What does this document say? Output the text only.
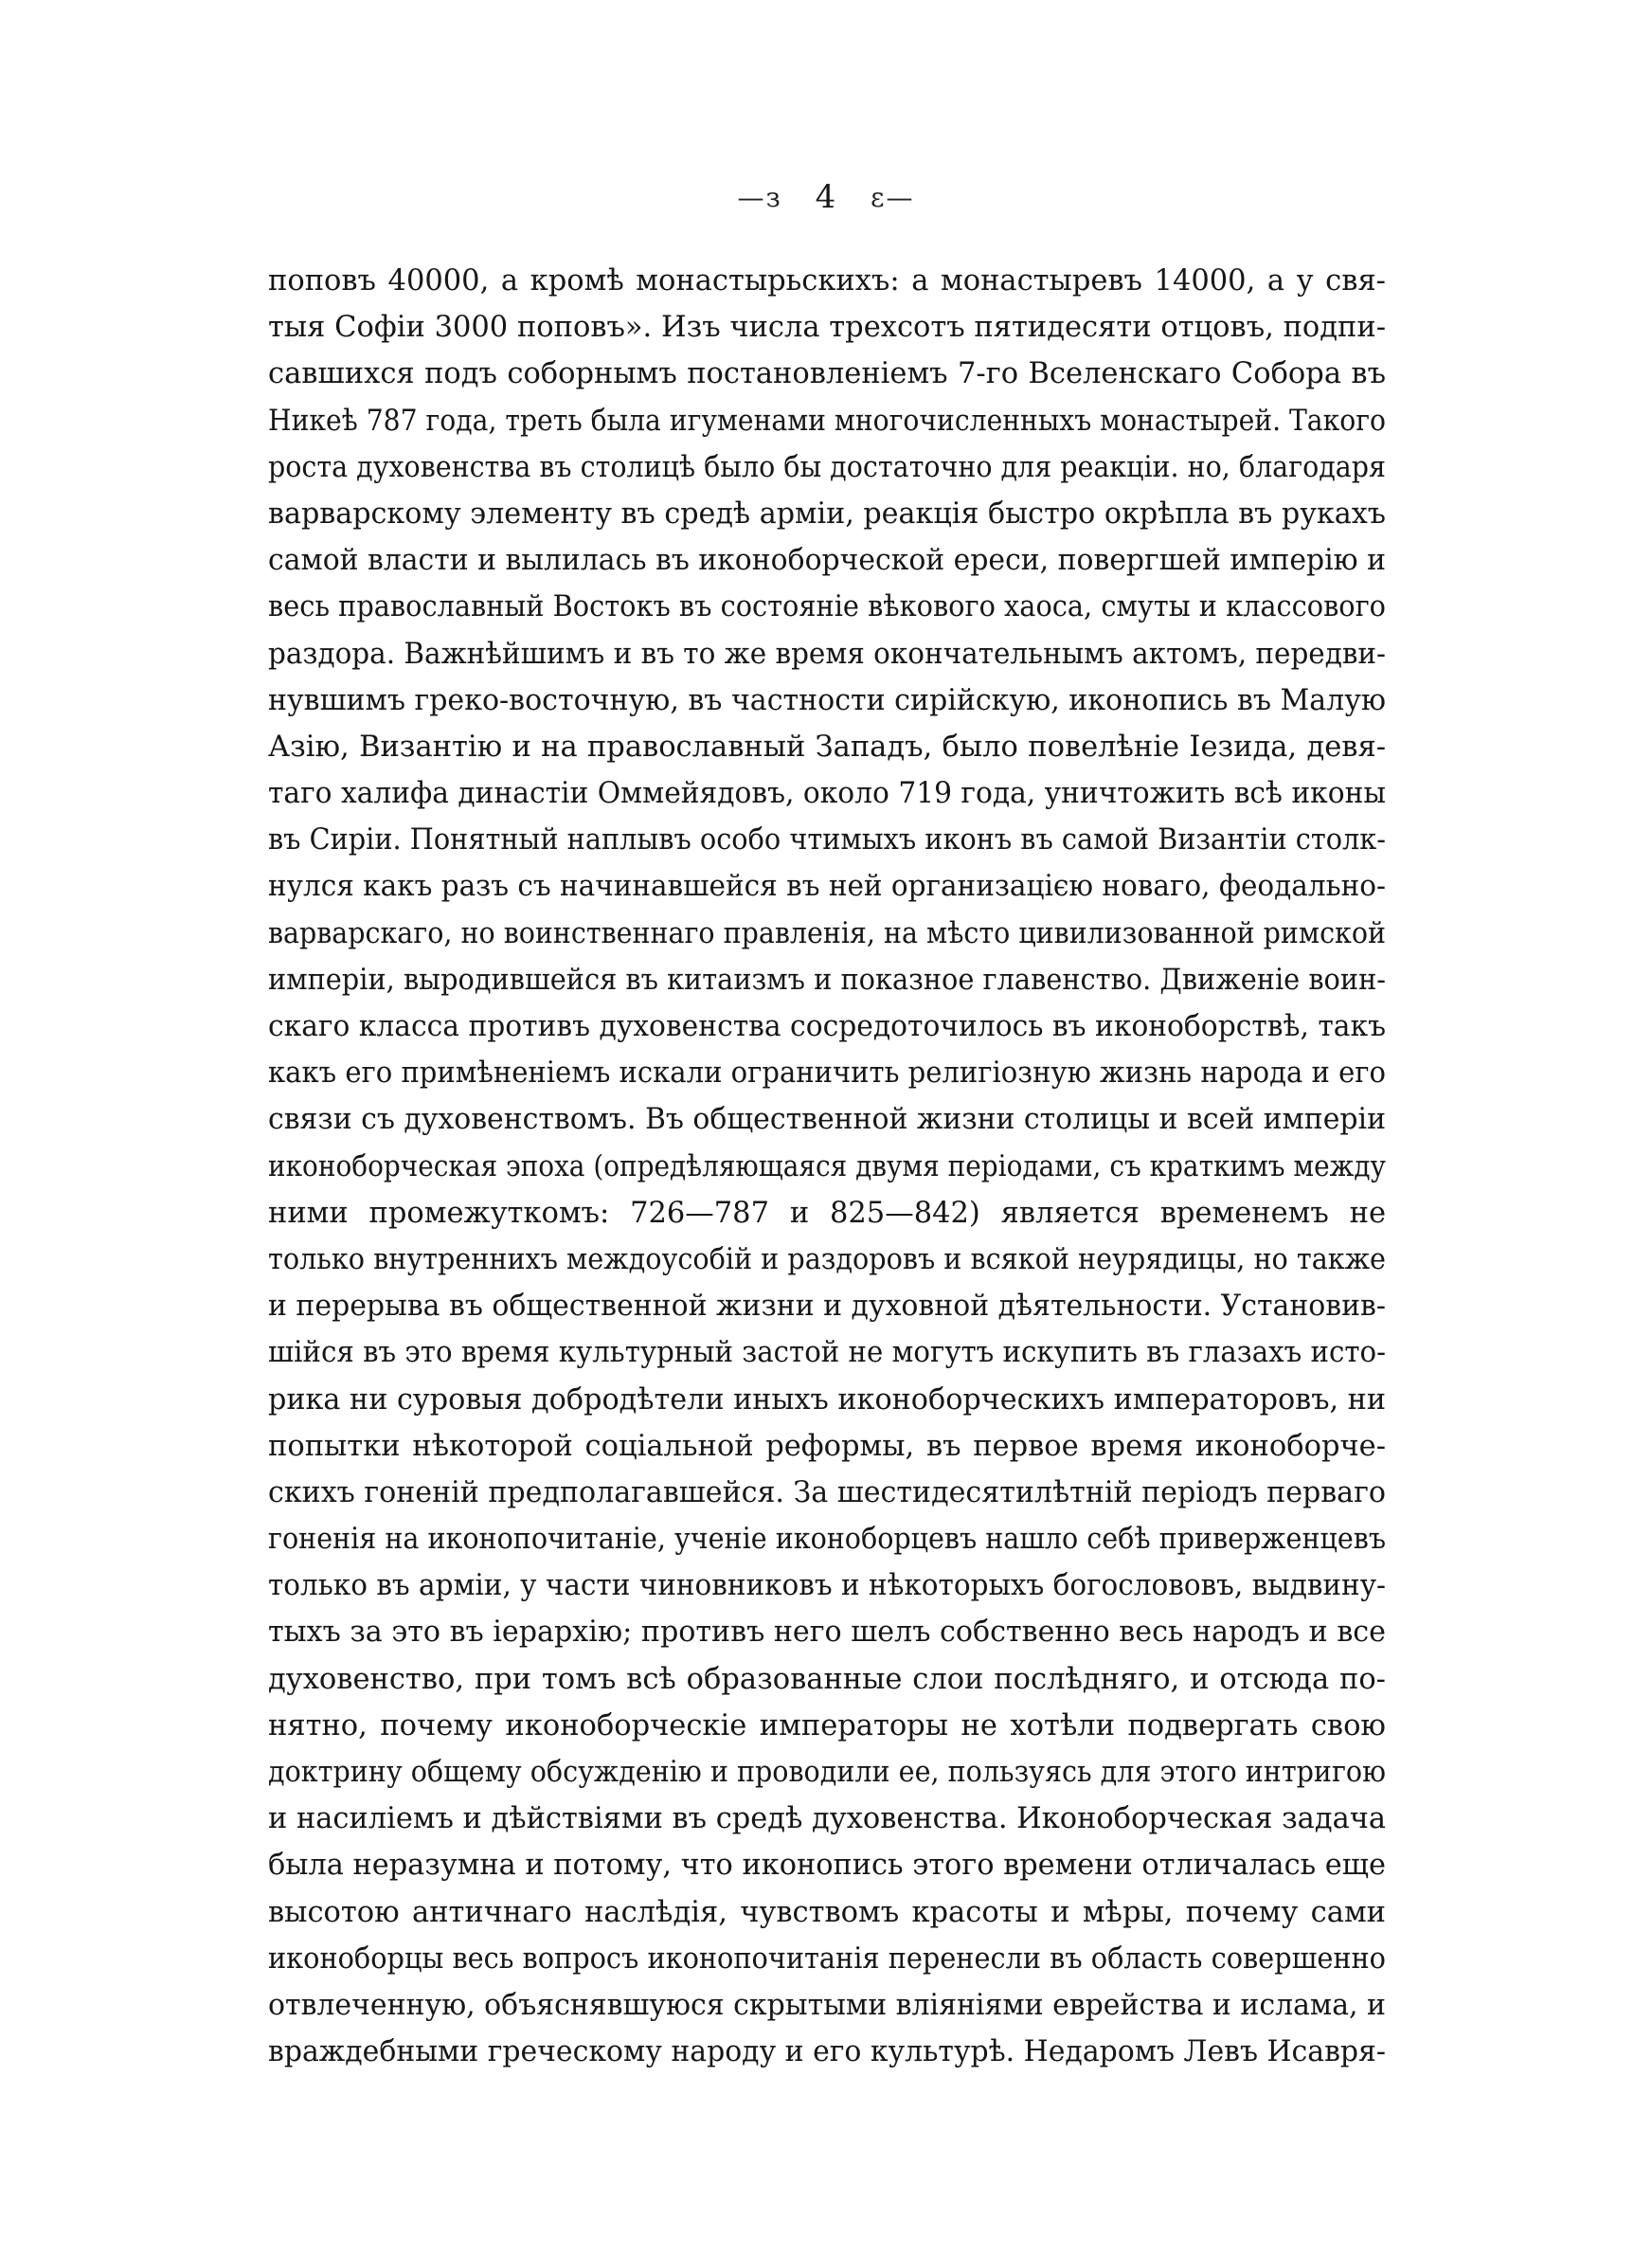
—з 4 ε—
поповъ 40000, а кромѣ монастырьскихъ: а монастыревъ 14000, а у свя-
тыя Софіи 3000 поповъ». Изъ числа трехсотъ пятидесяти отцовъ, подпи-
савшихся подъ соборнымъ постановленіемъ 7-го Вселенскаго Собора въ
Никеѣ 787 года, треть была игуменами многочисленныхъ монастырей. Такого
роста духовенства въ столицѣ было бы достаточно для реакціи. но, благодаря
варварскому элементу въ средѣ арміи, реакція быстро окрѣпла въ рукахъ
самой власти и вылилась въ иконоборческой ереси, повергшей имперію и
весь православный Востокъ въ состояніе вѣкового хаоса, смуты и классового
раздора. Важнѣйшимъ и въ то же время окончательнымъ актомъ, передви-
нувшимъ греко-восточную, въ частности сирійскую, иконопись въ Малую
Азію, Византію и на православный Западъ, было повелѣніе Іезида, девя-
таго халифа династіи Оммейядовъ, около 719 года, уничтожить всѣ иконы
въ Сиріи. Понятный наплывъ особо чтимыхъ иконъ въ самой Византіи столк-
нулся какъ разъ съ начинавшейся въ ней организацією новаго, феодально-
варварскаго, но воинственнаго правленія, на мѣсто цивилизованной римской
имперіи, выродившейся въ китаизмъ и показное главенство. Движеніе воин-
скаго класса противъ духовенства сосредоточилось въ иконоборствѣ, такъ
какъ его примѣненіемъ искали ограничить религіозную жизнь народа и его
связи съ духовенствомъ. Въ общественной жизни столицы и всей имперіи
иконоборческая эпоха (опредѣляющаяся двумя періодами, съ краткимъ между
ними промежуткомъ: 726—787 и 825—842) является временемъ не
только внутреннихъ междоусобій и раздоровъ и всякой неурядицы, но также
и перерыва въ общественной жизни и духовной дѣятельности. Установив-
шійся въ это время культурный застой не могутъ искупить въ глазахъ исто-
рика ни суровыя добродѣтели иныхъ иконоборческихъ императоровъ, ни
попытки нѣкоторой соціальной реформы, въ первое время иконоборче-
скихъ гоненій предполагавшейся. За шестидесятилѣтній періодъ перваго
гоненія на иконопочитаніе, ученіе иконоборцевъ нашло себѣ приверженцевъ
только въ арміи, у части чиновниковъ и нѣкоторыхъ богослововъ, выдвину-
тыхъ за это въ іерархію; противъ него шелъ собственно весь народъ и все
духовенство, при томъ всѣ образованные слои послѣдняго, и отсюда по-
нятно, почему иконоборческіе императоры не хотѣли подвергать свою
доктрину общему обсужденію и проводили ее, пользуясь для этого интригою
и насиліемъ и дѣйствіями въ средѣ духовенства. Иконоборческая задача
была неразумна и потому, что иконопись этого времени отличалась еще
высотою античнаго наслѣдія, чувствомъ красоты и мѣры, почему сами
иконоборцы весь вопросъ иконопочитанія перенесли въ область совершенно
отвлеченную, объяснявшуюся скрытыми вліяніями еврейства и ислама, и
враждебными греческому народу и его культурѣ. Недаромъ Левъ Исавря-
